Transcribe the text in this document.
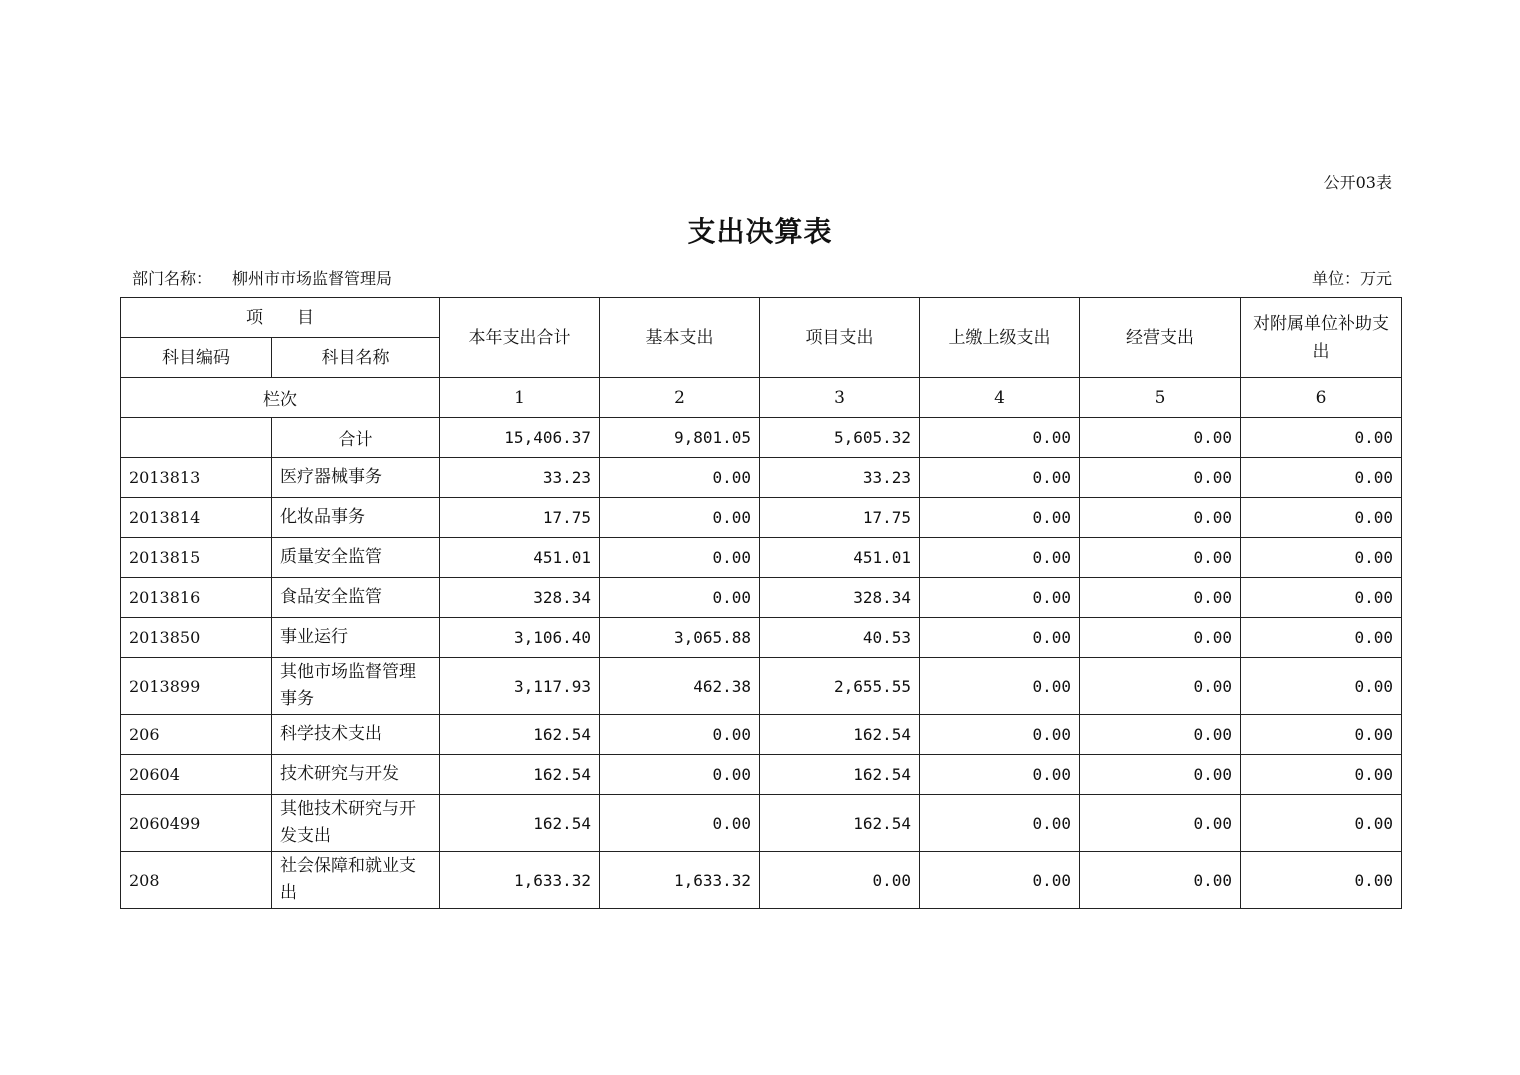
公开03表
支出决算表
部门名称： 柳州市市场监督管理局	单位：万元
项　　目		本年支出合计	基本支出	项目支出	上缴上级支出	经营支出	对附属单位补助支出
科目编码	科目名称						
栏次		1	2	3	4	5	6
	合计	15,406.37	9,801.05	5,605.32	0.00	0.00	0.00
2013813	医疗器械事务	33.23	0.00	33.23	0.00	0.00	0.00
2013814	化妆品事务	17.75	0.00	17.75	0.00	0.00	0.00
2013815	质量安全监管	451.01	0.00	451.01	0.00	0.00	0.00
2013816	食品安全监管	328.34	0.00	328.34	0.00	0.00	0.00
2013850	事业运行	3,106.40	3,065.88	40.53	0.00	0.00	0.00
2013899	其他市场监督管理事务	3,117.93	462.38	2,655.55	0.00	0.00	0.00
206	科学技术支出	162.54	0.00	162.54	0.00	0.00	0.00
20604	技术研究与开发	162.54	0.00	162.54	0.00	0.00	0.00
2060499	其他技术研究与开发支出	162.54	0.00	162.54	0.00	0.00	0.00
208	社会保障和就业支出	1,633.32	1,633.32	0.00	0.00	0.00	0.00
